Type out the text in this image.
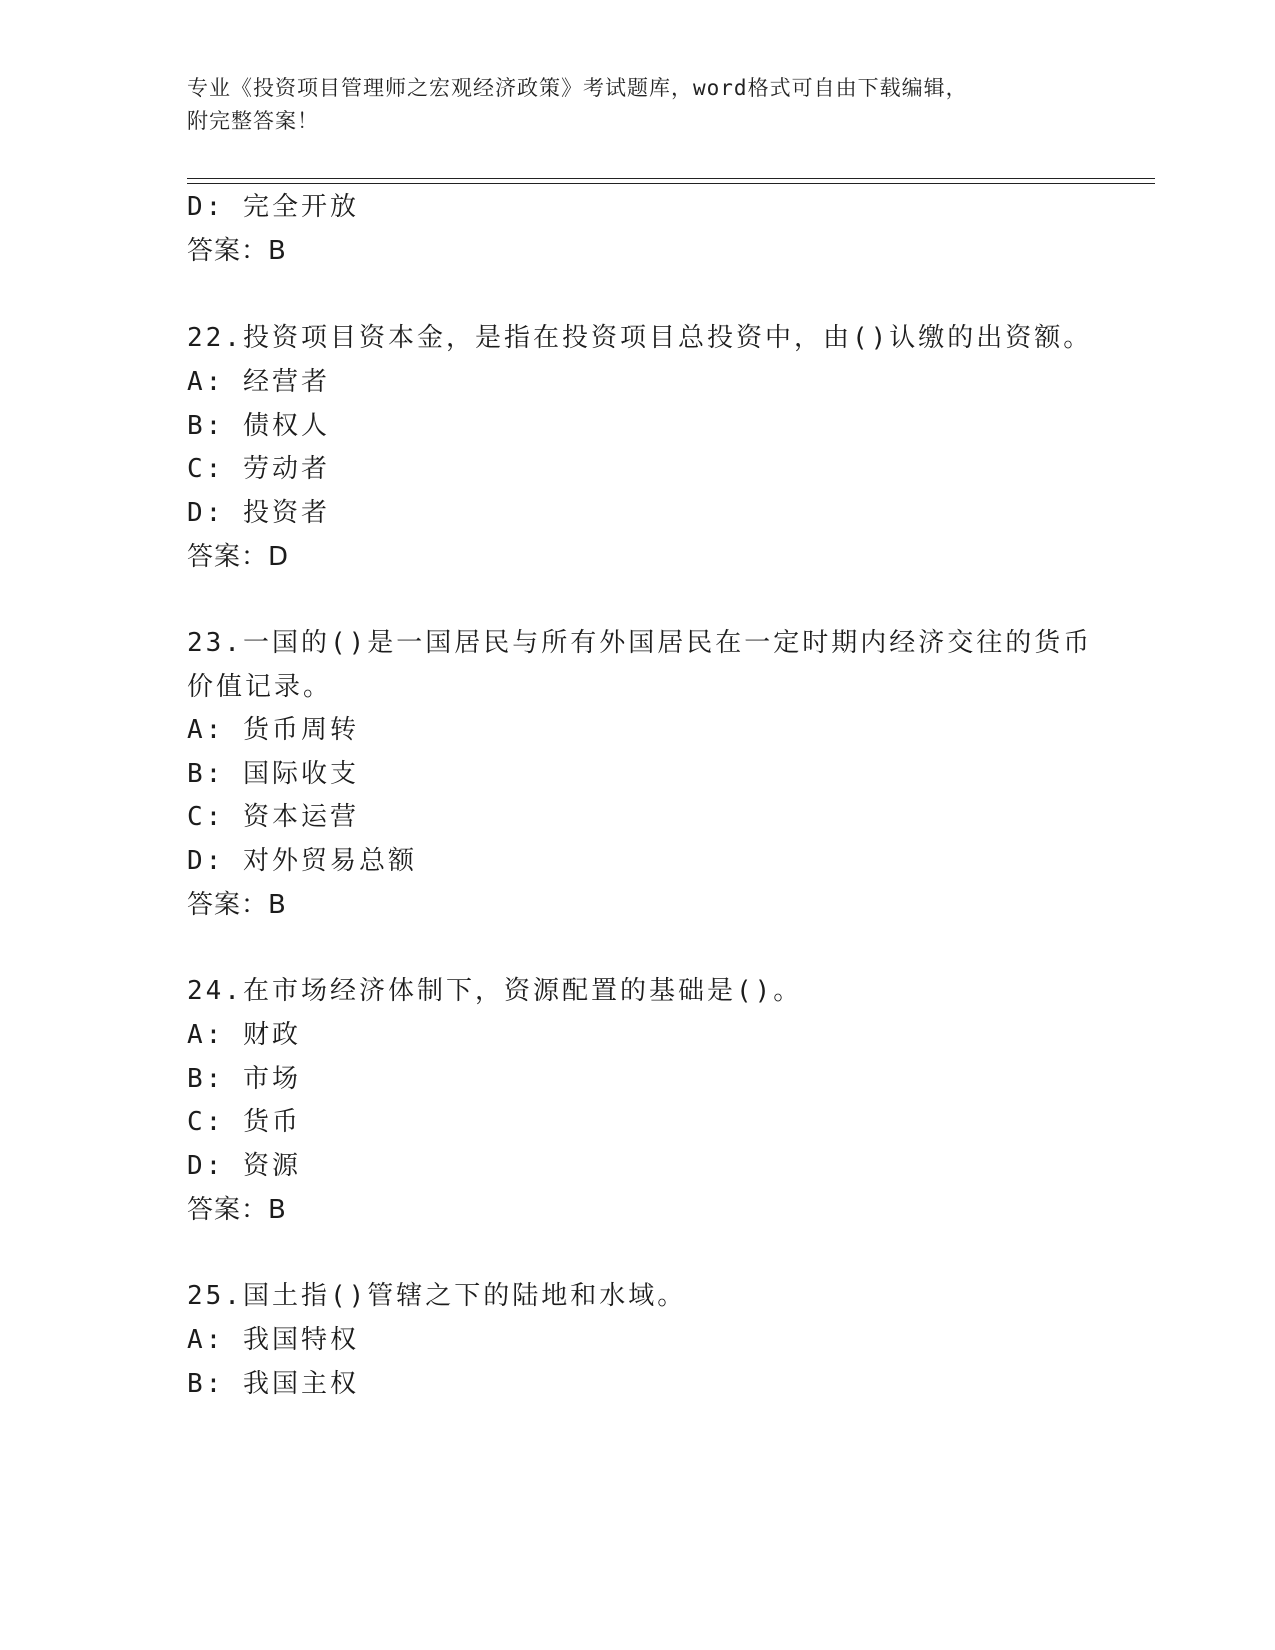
专业《投资项目管理师之宏观经济政策》考试题库，word格式可自由下载编辑，
附完整答案！
D: 完全开放
答案：B
22.投资项目资本金，是指在投资项目总投资中，由()认缴的出资额。
A: 经营者
B: 债权人
C: 劳动者
D: 投资者
答案：D
23.一国的()是一国居民与所有外国居民在一定时期内经济交往的货币
价值记录。
A: 货币周转
B: 国际收支
C: 资本运营
D: 对外贸易总额
答案：B
24.在市场经济体制下，资源配置的基础是()。
A: 财政
B: 市场
C: 货币
D: 资源
答案：B
25.国土指()管辖之下的陆地和水域。
A: 我国特权
B: 我国主权
